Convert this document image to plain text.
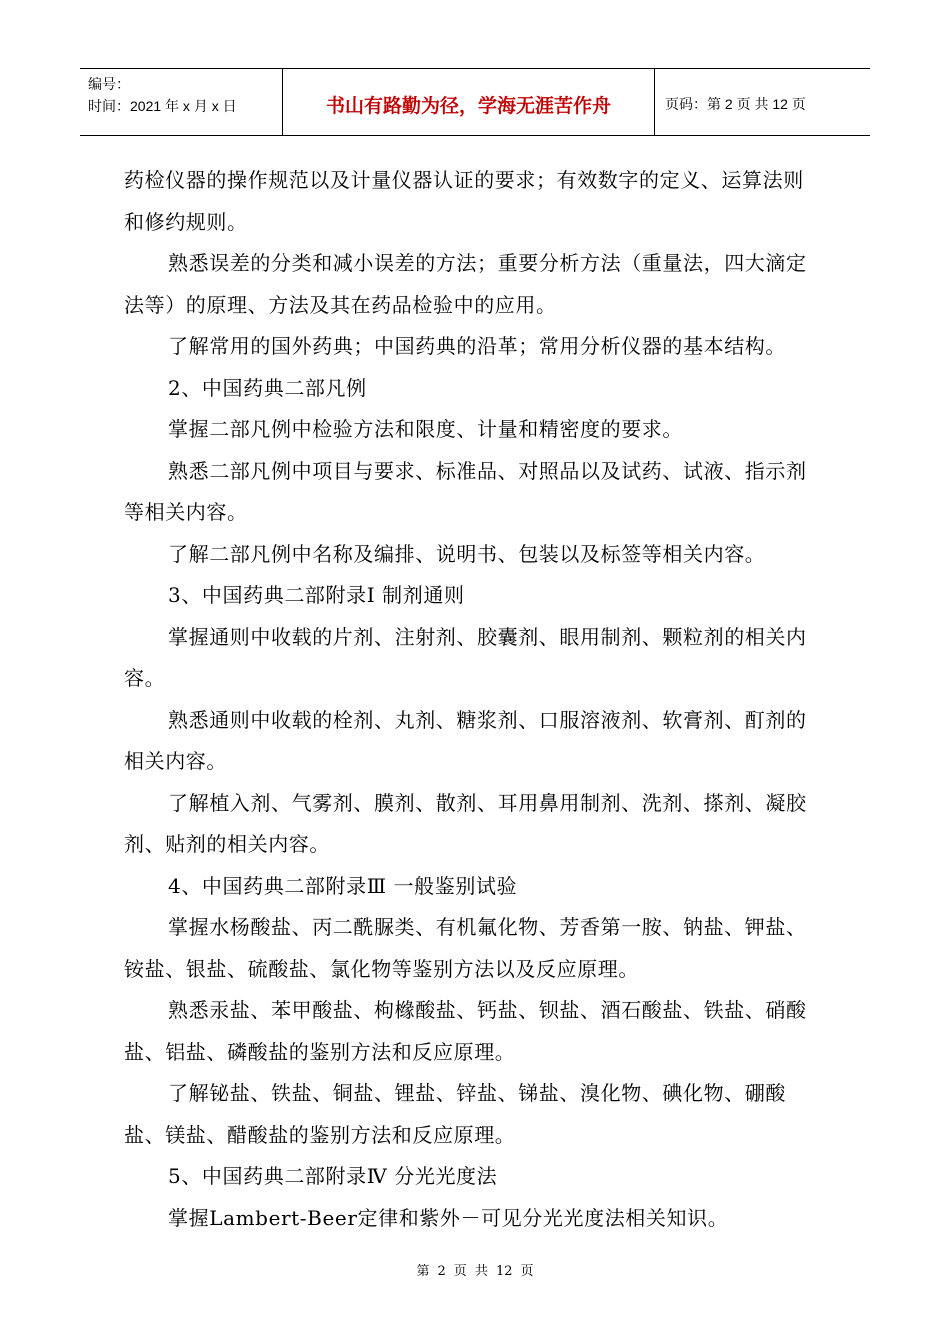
编号：
时间：2021 年 x 月 x 日	书山有路勤为径，学海无涯苦作舟	页码：第 2 页 共 12 页

药检仪器的操作规范以及计量仪器认证的要求；有效数字的定义、运算法则和修约规则。

熟悉误差的分类和减小误差的方法；重要分析方法（重量法，四大滴定法等）的原理、方法及其在药品检验中的应用。

了解常用的国外药典；中国药典的沿革；常用分析仪器的基本结构。

2、中国药典二部凡例

掌握二部凡例中检验方法和限度、计量和精密度的要求。

熟悉二部凡例中项目与要求、标准品、对照品以及试药、试液、指示剂等相关内容。

了解二部凡例中名称及编排、说明书、包装以及标签等相关内容。

3、中国药典二部附录Ⅰ 制剂通则

掌握通则中收载的片剂、注射剂、胶囊剂、眼用制剂、颗粒剂的相关内容。

熟悉通则中收载的栓剂、丸剂、糖浆剂、口服溶液剂、软膏剂、酊剂的相关内容。

了解植入剂、气雾剂、膜剂、散剂、耳用鼻用制剂、洗剂、搽剂、凝胶剂、贴剂的相关内容。

4、中国药典二部附录Ⅲ 一般鉴别试验

掌握水杨酸盐、丙二酰脲类、有机氟化物、芳香第一胺、钠盐、钾盐、铵盐、银盐、硫酸盐、氯化物等鉴别方法以及反应原理。

熟悉汞盐、苯甲酸盐、枸橼酸盐、钙盐、钡盐、酒石酸盐、铁盐、硝酸盐、铝盐、磷酸盐的鉴别方法和反应原理。

了解铋盐、铁盐、铜盐、锂盐、锌盐、锑盐、溴化物、碘化物、硼酸盐、镁盐、醋酸盐的鉴别方法和反应原理。

5、中国药典二部附录Ⅳ 分光光度法

掌握Lambert-Beer定律和紫外－可见分光光度法相关知识。

第 2 页 共 12 页
